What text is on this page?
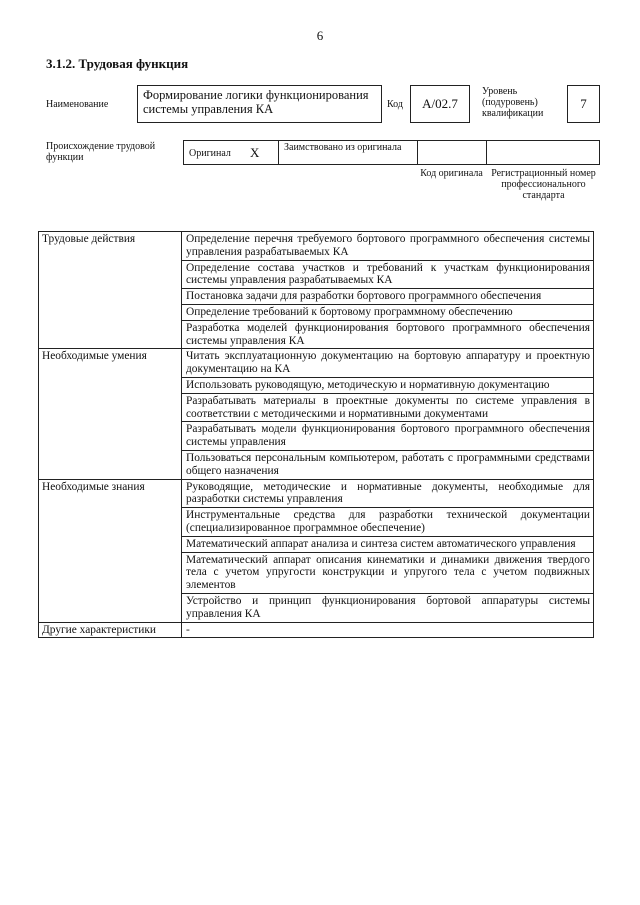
6
3.1.2. Трудовая функция
Наименование
Формирование логики функционирования системы управления КА	Код А/02.7
Уровень (подуровень) квалификации
7
Происхождение трудовой функции	Оригинал X Заимствовано из оригинала
Код оригинала Регистрационный номер профессионального стандарта
Трудовые действия	Определение перечня требуемого бортового программного обеспечения системы управления разрабатываемых КА
	Определение состава участков и требований к участкам функционирования системы управления разрабатываемых КА
	Постановка задачи для разработки бортового программного обеспечения
	Определение требований к бортовому программному обеспечению
	Разработка моделей функционирования бортового программного обеспечения системы управления КА
Необходимые умения	Читать эксплуатационную документацию на бортовую аппаратуру и проектную документацию на КА
	Использовать руководящую, методическую и нормативную документацию
	Разрабатывать материалы в проектные документы по системе управления в соответствии с методическими и нормативными документами
	Разрабатывать модели функционирования бортового программного обеспечения системы управления
	Пользоваться персональным компьютером, работать с программными средствами общего назначения
Необходимые знания	Руководящие, методические и нормативные документы, необходимые для разработки системы управления
	Инструментальные средства для разработки технической документации (специализированное программное обеспечение)
	Математический аппарат анализа и синтеза систем автоматического управления
	Математический аппарат описания кинематики и динамики движения твердого тела с учетом упругости конструкции и упругого тела с учетом подвижных элементов
	Устройство и принцип функционирования бортовой аппаратуры системы управления КА
Другие характеристики	-
